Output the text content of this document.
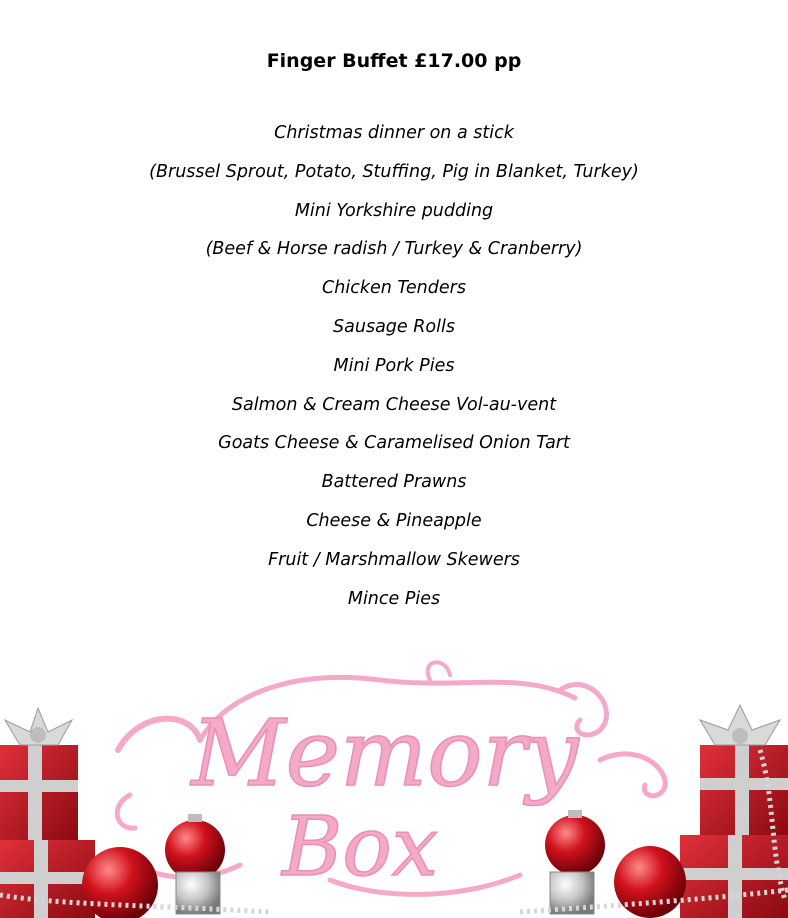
Finger Buffet £17.00 pp
Christmas dinner on a stick
(Brussel Sprout, Potato, Stuffing, Pig in Blanket, Turkey)
Mini Yorkshire pudding
(Beef & Horse radish / Turkey & Cranberry)
Chicken Tenders
Sausage Rolls
Mini Pork Pies
Salmon & Cream Cheese Vol-au-vent
Goats Cheese & Caramelised Onion Tart
Battered Prawns
Cheese & Pineapple
Fruit / Marshmallow Skewers
Mince Pies
Memory
Box
